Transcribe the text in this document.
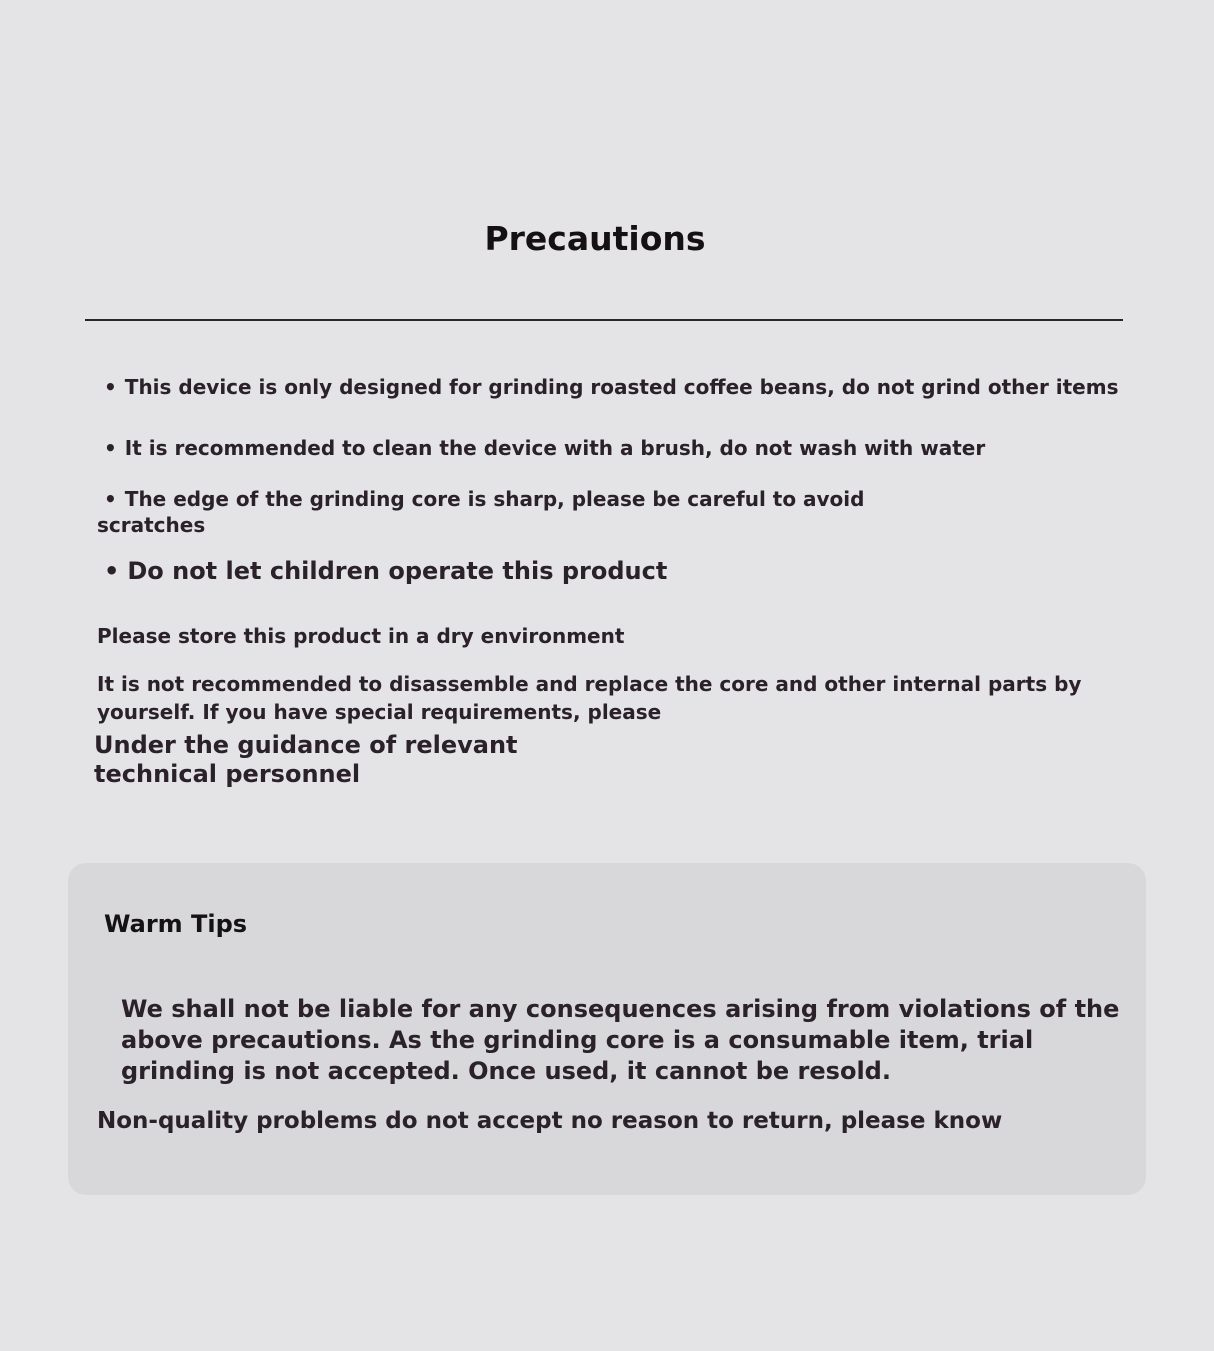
Precautions
• This device is only designed for grinding roasted coffee beans, do not grind other items
• It is recommended to clean the device with a brush, do not wash with water
• The edge of the grinding core is sharp, please be careful to avoid
scratches
• Do not let children operate this product
Please store this product in a dry environment
It is not recommended to disassemble and replace the core and other internal parts by
yourself. If you have special requirements, please
Under the guidance of relevant
technical personnel
Warm Tips
We shall not be liable for any consequences arising from violations of the
above precautions. As the grinding core is a consumable item, trial
grinding is not accepted. Once used, it cannot be resold.
Non-quality problems do not accept no reason to return, please know
